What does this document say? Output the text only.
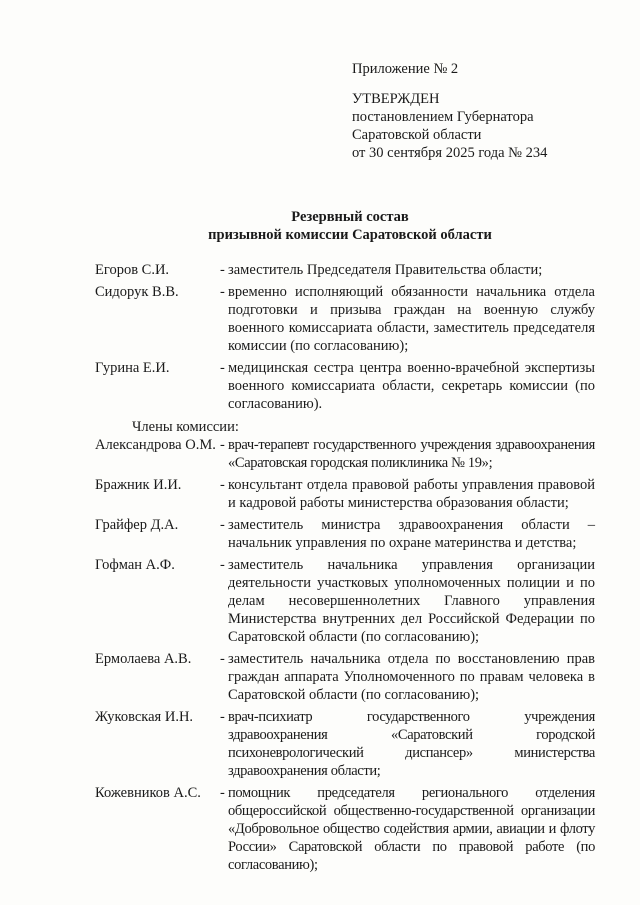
Приложение № 2
УТВЕРЖДЕН
постановлением Губернатора
Саратовской области
от 30 сентября 2025 года № 234
Резервный состав
призывной комиссии Саратовской области
Егоров С.И.	- заместитель Председателя Правительства области;
Сидорук В.В.	- временно исполняющий обязанности начальника отдела подготовки и призыва граждан на военную службу военного комиссариата области, заместитель председателя комиссии (по согласованию);
Гурина Е.И.	- медицинская сестра центра военно-врачебной экспертизы военного комиссариата области, секретарь комиссии (по согласованию).
Члены комиссии:
Александрова О.М. - врач-терапевт государственного учреждения здравоохранения «Саратовская городская поликлиника № 19»;
Бражник И.И.	- консультант отдела правовой работы управления правовой и кадровой работы министерства образования области;
Грайфер Д.А.	- заместитель министра здравоохранения области – начальник управления по охране материнства и детства;
Гофман А.Ф.	- заместитель начальника управления организации деятельности участковых уполномоченных полиции и по делам несовершеннолетних Главного управления Министерства внутренних дел Российской Федерации по Саратовской области (по согласованию);
Ермолаева А.В. - заместитель начальника отдела по восстановлению прав граждан аппарата Уполномоченного по правам человека в Саратовской области (по согласованию);
Жуковская И.Н. - врач-психиатр государственного учреждения здравоохранения «Саратовский городской психоневрологический диспансер» министерства здравоохранения области;
Кожевников А.С. - помощник председателя регионального отделения общероссийской общественно-государственной организации «Добровольное общество содействия армии, авиации и флоту России» Саратовской области по правовой работе (по согласованию);
